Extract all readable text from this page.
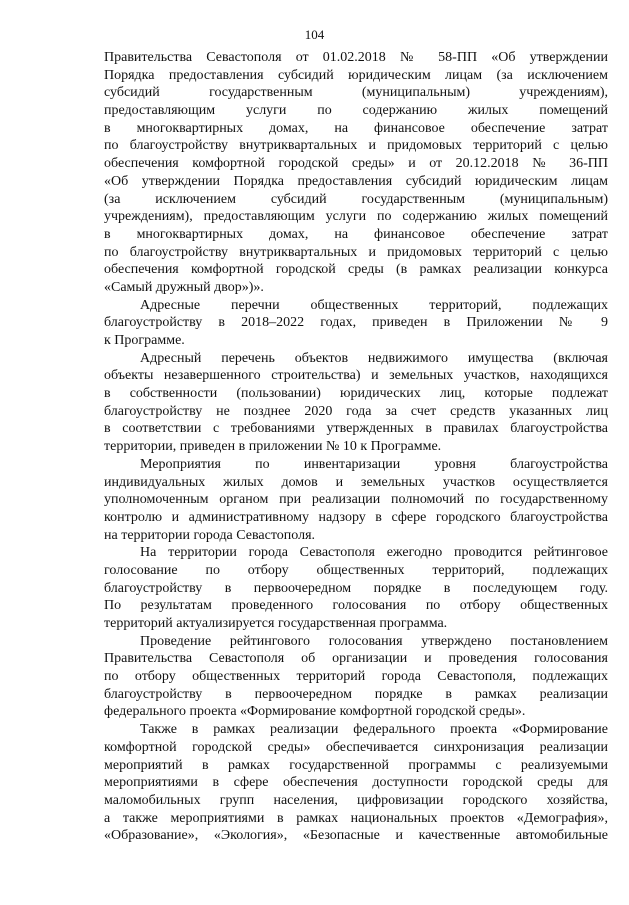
104
Правительства Севастополя от 01.02.2018 № 58-ПП «Об утверждении
Порядка предоставления субсидий юридическим лицам (за исключением
субсидий государственным (муниципальным) учреждениям),
предоставляющим услуги по содержанию жилых помещений
в многоквартирных домах, на финансовое обеспечение затрат
по благоустройству внутриквартальных и придомовых территорий с целью
обеспечения комфортной городской среды» и от 20.12.2018 № 36-ПП
«Об утверждении Порядка предоставления субсидий юридическим лицам
(за исключением субсидий государственным (муниципальным)
учреждениям), предоставляющим услуги по содержанию жилых помещений
в многоквартирных домах, на финансовое обеспечение затрат
по благоустройству внутриквартальных и придомовых территорий с целью
обеспечения комфортной городской среды (в рамках реализации конкурса
«Самый дружный двор»)».
Адресные перечни общественных территорий, подлежащих
благоустройству в 2018–2022 годах, приведен в Приложении № 9
к Программе.
Адресный перечень объектов недвижимого имущества (включая
объекты незавершенного строительства) и земельных участков, находящихся
в собственности (пользовании) юридических лиц, которые подлежат
благоустройству не позднее 2020 года за счет средств указанных лиц
в соответствии с требованиями утвержденных в правилах благоустройства
территории, приведен в приложении № 10 к Программе.
Мероприятия по инвентаризации уровня благоустройства
индивидуальных жилых домов и земельных участков осуществляется
уполномоченным органом при реализации полномочий по государственному
контролю и административному надзору в сфере городского благоустройства
на территории города Севастополя.
На территории города Севастополя ежегодно проводится рейтинговое
голосование по отбору общественных территорий, подлежащих
благоустройству в первоочередном порядке в последующем году.
По результатам проведенного голосования по отбору общественных
территорий актуализируется государственная программа.
Проведение рейтингового голосования утверждено постановлением
Правительства Севастополя об организации и проведения голосования
по отбору общественных территорий города Севастополя, подлежащих
благоустройству в первоочередном порядке в рамках реализации
федерального проекта «Формирование комфортной городской среды».
Также в рамках реализации федерального проекта «Формирование
комфортной городской среды» обеспечивается синхронизация реализации
мероприятий в рамках государственной программы с реализуемыми
мероприятиями в сфере обеспечения доступности городской среды для
маломобильных групп населения, цифровизации городского хозяйства,
а также мероприятиями в рамках национальных проектов «Демография»,
«Образование», «Экология», «Безопасные и качественные автомобильные
